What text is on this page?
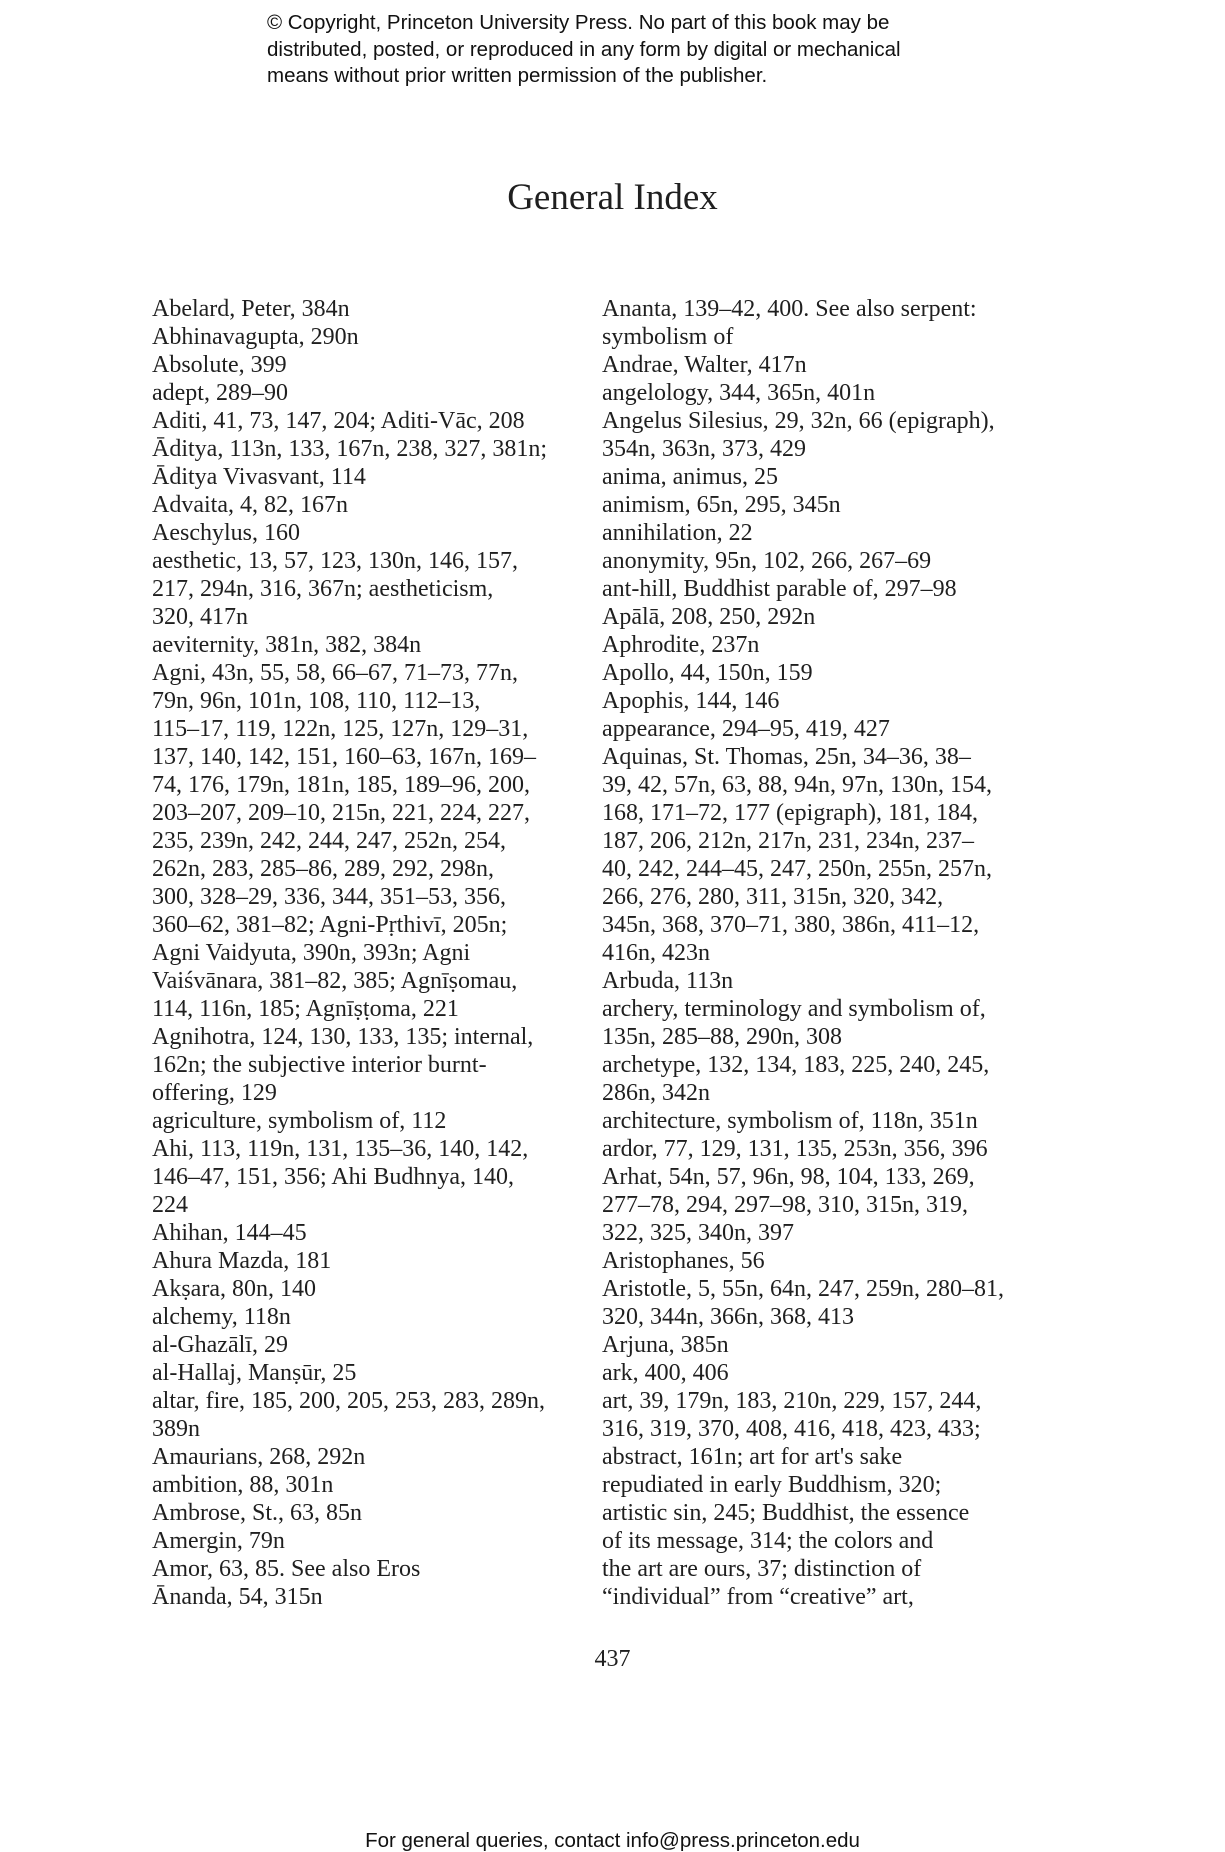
© Copyright, Princeton University Press. No part of this book may be
distributed, posted, or reproduced in any form by digital or mechanical
means without prior written permission of the publisher.
General Index
Abelard, Peter, 384n
Abhinavagupta, 290n
Absolute, 399
adept, 289–90
Aditi, 41, 73, 147, 204; Aditi-Vāc, 208
Āditya, 113n, 133, 167n, 238, 327, 381n;
Āditya Vivasvant, 114
Advaita, 4, 82, 167n
Aeschylus, 160
aesthetic, 13, 57, 123, 130n, 146, 157,
217, 294n, 316, 367n; aestheticism,
320, 417n
aeviternity, 381n, 382, 384n
Agni, 43n, 55, 58, 66–67, 71–73, 77n,
79n, 96n, 101n, 108, 110, 112–13,
115–17, 119, 122n, 125, 127n, 129–31,
137, 140, 142, 151, 160–63, 167n, 169–
74, 176, 179n, 181n, 185, 189–96, 200,
203–207, 209–10, 215n, 221, 224, 227,
235, 239n, 242, 244, 247, 252n, 254,
262n, 283, 285–86, 289, 292, 298n,
300, 328–29, 336, 344, 351–53, 356,
360–62, 381–82; Agni-Pṛthivī, 205n;
Agni Vaidyuta, 390n, 393n; Agni
Vaiśvānara, 381–82, 385; Agnīṣomau,
114, 116n, 185; Agnīṣṭoma, 221
Agnihotra, 124, 130, 133, 135; internal,
162n; the subjective interior burnt-
offering, 129
agriculture, symbolism of, 112
Ahi, 113, 119n, 131, 135–36, 140, 142,
146–47, 151, 356; Ahi Budhnya, 140,
224
Ahihan, 144–45
Ahura Mazda, 181
Akṣara, 80n, 140
alchemy, 118n
al-Ghazālī, 29
al-Hallaj, Manṣūr, 25
altar, fire, 185, 200, 205, 253, 283, 289n,
389n
Amaurians, 268, 292n
ambition, 88, 301n
Ambrose, St., 63, 85n
Amergin, 79n
Amor, 63, 85. See also Eros
Ānanda, 54, 315n
Ananta, 139–42, 400. See also serpent:
symbolism of
Andrae, Walter, 417n
angelology, 344, 365n, 401n
Angelus Silesius, 29, 32n, 66 (epigraph),
354n, 363n, 373, 429
anima, animus, 25
animism, 65n, 295, 345n
annihilation, 22
anonymity, 95n, 102, 266, 267–69
ant-hill, Buddhist parable of, 297–98
Apālā, 208, 250, 292n
Aphrodite, 237n
Apollo, 44, 150n, 159
Apophis, 144, 146
appearance, 294–95, 419, 427
Aquinas, St. Thomas, 25n, 34–36, 38–
39, 42, 57n, 63, 88, 94n, 97n, 130n, 154,
168, 171–72, 177 (epigraph), 181, 184,
187, 206, 212n, 217n, 231, 234n, 237–
40, 242, 244–45, 247, 250n, 255n, 257n,
266, 276, 280, 311, 315n, 320, 342,
345n, 368, 370–71, 380, 386n, 411–12,
416n, 423n
Arbuda, 113n
archery, terminology and symbolism of,
135n, 285–88, 290n, 308
archetype, 132, 134, 183, 225, 240, 245,
286n, 342n
architecture, symbolism of, 118n, 351n
ardor, 77, 129, 131, 135, 253n, 356, 396
Arhat, 54n, 57, 96n, 98, 104, 133, 269,
277–78, 294, 297–98, 310, 315n, 319,
322, 325, 340n, 397
Aristophanes, 56
Aristotle, 5, 55n, 64n, 247, 259n, 280–81,
320, 344n, 366n, 368, 413
Arjuna, 385n
ark, 400, 406
art, 39, 179n, 183, 210n, 229, 157, 244,
316, 319, 370, 408, 416, 418, 423, 433;
abstract, 161n; art for art's sake
repudiated in early Buddhism, 320;
artistic sin, 245; Buddhist, the essence
of its message, 314; the colors and
the art are ours, 37; distinction of
“individual” from “creative” art,
437
For general queries, contact info@press.princeton.edu
